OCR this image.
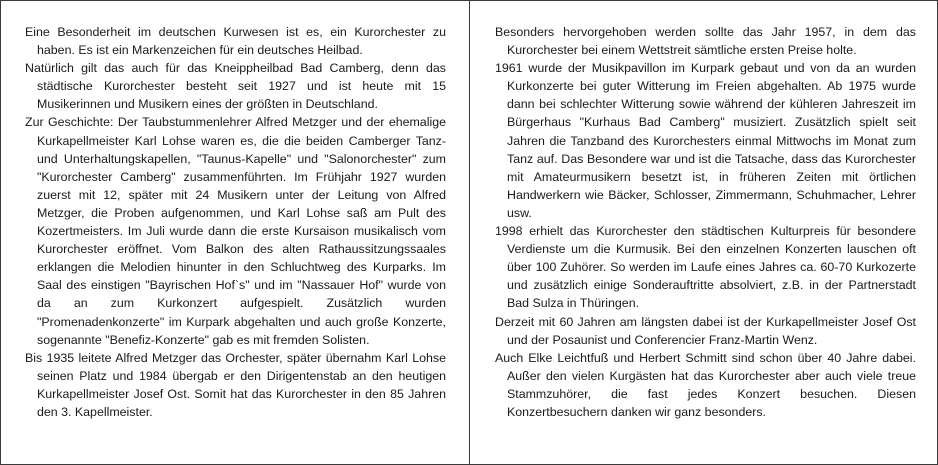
Eine Besonderheit im deutschen Kurwesen ist es, ein Kurorchester zu haben. Es ist ein Markenzeichen für ein deutsches Heilbad.

Natürlich gilt das auch für das Kneippheilbad Bad Camberg, denn das städtische Kurorchester besteht seit 1927 und ist heute mit 15 Musikerinnen und Musikern eines der größten in Deutschland.

Zur Geschichte: Der Taubstummenlehrer Alfred Metzger und der ehemalige Kurkapellmeister Karl Lohse waren es, die die beiden Camberger Tanz- und Unterhaltungskapellen, "Taunus-Kapelle" und "Salonorchester" zum "Kurorchester Camberg" zusammenführten. Im Frühjahr 1927 wurden zuerst mit 12, später mit 24 Musikern unter der Leitung von Alfred Metzger, die Proben aufgenommen, und Karl Lohse saß am Pult des Kozertmeisters. Im Juli wurde dann die erste Kursaison musikalisch vom Kurorchester eröffnet. Vom Balkon des alten Rathaussitzungssaales erklangen die Melodien hinunter in den Schluchtweg des Kurparks. Im Saal des einstigen "Bayrischen Hof`s" und im "Nassauer Hof" wurde von da an zum Kurkonzert aufgespielt. Zusätzlich wurden "Promenadenkonzerte" im Kurpark abgehalten und auch große Konzerte, sogenannte "Benefiz-Konzerte" gab es mit fremden Solisten.

Bis 1935 leitete Alfred Metzger das Orchester, später übernahm Karl Lohse seinen Platz und 1984 übergab er den Dirigentenstab an den heutigen Kurkapellmeister Josef Ost. Somit hat das Kurorchester in den 85 Jahren den 3. Kapellmeister.

Besonders hervorgehoben werden sollte das Jahr 1957, in dem das Kurorchester bei einem Wettstreit sämtliche ersten Preise holte.

1961 wurde der Musikpavillon im Kurpark gebaut und von da an wurden Kurkonzerte bei guter Witterung im Freien abgehalten. Ab 1975 wurde dann bei schlechter Witterung sowie während der kühleren Jahreszeit im Bürgerhaus "Kurhaus Bad Camberg" musiziert. Zusätzlich spielt seit Jahren die Tanzband des Kurorchesters einmal Mittwochs im Monat zum Tanz auf. Das Besondere war und ist die Tatsache, dass das Kurorchester mit Amateurmusikern besetzt ist, in früheren Zeiten mit örtlichen Handwerkern wie Bäcker, Schlosser, Zimmermann, Schuhmacher, Lehrer usw.

1998 erhielt das Kurorchester den städtischen Kulturpreis für besondere Verdienste um die Kurmusik. Bei den einzelnen Konzerten lauschen oft über 100 Zuhörer. So werden im Laufe eines Jahres ca. 60-70 Kurkozerte und zusätzlich einige Sonderauftritte absolviert, z.B. in der Partnerstadt Bad Sulza in Thüringen.

Derzeit mit 60 Jahren am längsten dabei ist der Kurkapellmeister Josef Ost und der Posaunist und Conferencier Franz-Martin Wenz.

Auch Elke Leichtfuß und Herbert Schmitt sind schon über 40 Jahre dabei. Außer den vielen Kurgästen hat das Kurorchester aber auch viele treue Stammzuhörer, die fast jedes Konzert besuchen. Diesen Konzertbesuchern danken wir ganz besonders.
